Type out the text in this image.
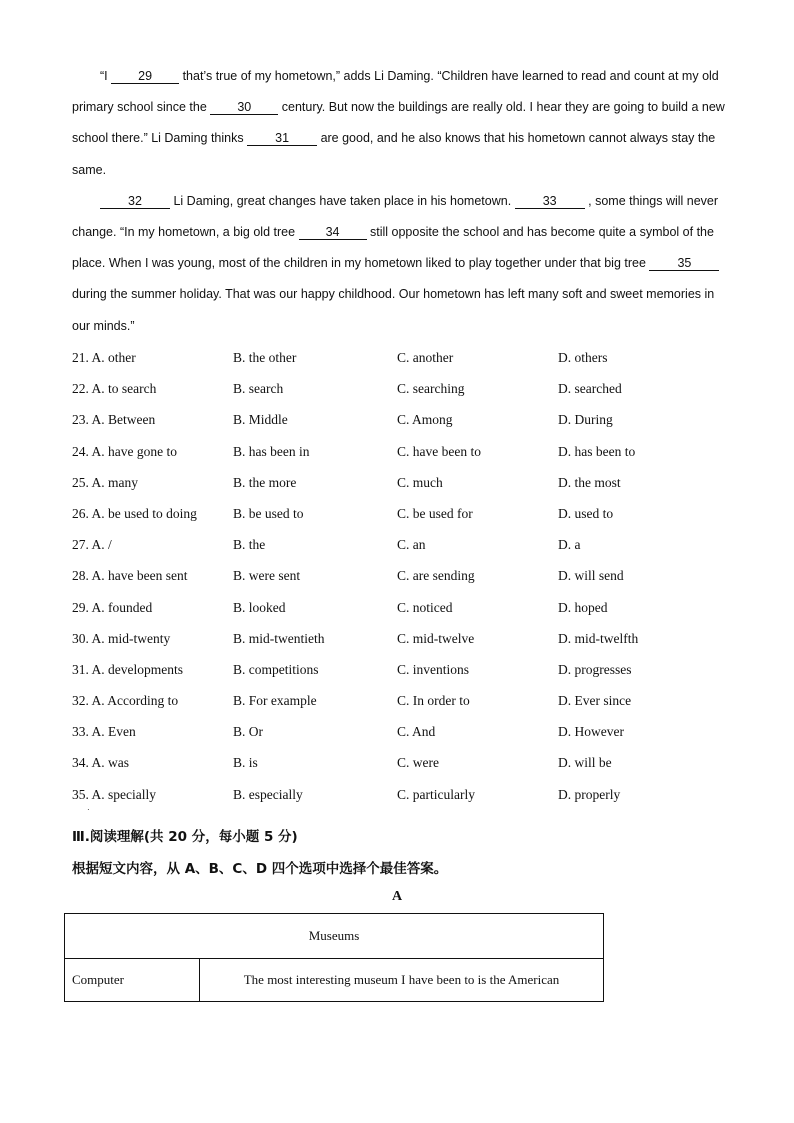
“I 29 that’s true of my hometown,” adds Li Daming. “Children have learned to read and count at my old primary school since the 30 century. But now the buildings are really old. I hear they are going to build a new school there.” Li Daming thinks 31 are good, and he also knows that his hometown cannot always stay the same.

32 Li Daming, great changes have taken place in his hometown. 33 , some things will never change. “In my hometown, a big old tree 34 still opposite the school and has become quite a symbol of the place. When I was young, most of the children in my hometown liked to play together under that big tree 35 during the summer holiday. That was our happy childhood. Our hometown has left many soft and sweet memories in our minds.”

21. A. other	B. the other	C. another	D. others
22. A. to search	B. search	C. searching	D. searched
23. A. Between	B. Middle	C. Among	D. During
24. A. have gone to	B. has been in	C. have been to	D. has been to
25. A. many	B. the more	C. much	D. the most
26. A. be used to doing	B. be used to	C. be used for	D. used to
27. A. /	B. the	C. an	D. a
28. A. have been sent	B. were sent	C. are sending	D. will send
29. A. founded	B. looked	C. noticed	D. hoped
30. A. mid-twenty	B. mid-twentieth	C. mid-twelve	D. mid-twelfth
31. A. developments	B. competitions	C. inventions	D. progresses
32. A. According to	B. For example	C. In order to	D. Ever since
33. A. Even	B. Or	C. And	D. However
34. A. was	B. is	C. were	D. will be
35. A. specially	B. especially	C. particularly	D. properly
·
Ⅲ.阅读理解(共 20 分，每小题 5 分)
根据短文内容，从 A、B、C、D 四个选项中选择个最佳答案。
A
Museums
Computer	The most interesting museum I have been to is the American
